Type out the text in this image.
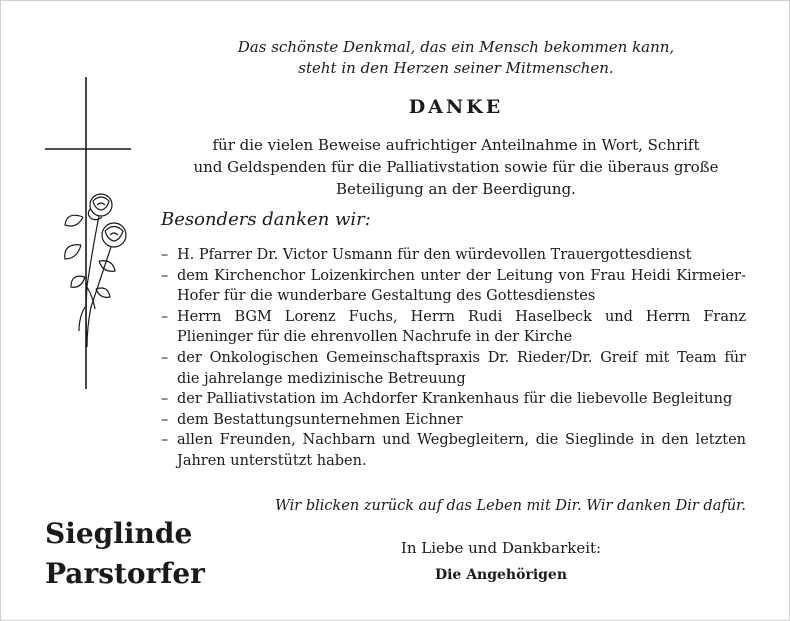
Das schönste Denkmal, das ein Mensch bekommen kann,
steht in den Herzen seiner Mitmenschen.
DANKE
für die vielen Beweise aufrichtiger Anteilnahme in Wort, Schrift
und Geldspenden für die Palliativstation sowie für die überaus große
Beteiligung an der Beerdigung.
Besonders danken wir:
– H. Pfarrer Dr. Victor Usmann für den würdevollen Trauergottesdienst
– dem Kirchenchor Loizenkirchen unter der Leitung von Frau Heidi Kirmeier-Hofer für die wunderbare Gestaltung des Gottesdienstes
– Herrn BGM Lorenz Fuchs, Herrn Rudi Haselbeck und Herrn Franz Plieninger für die ehrenvollen Nachrufe in der Kirche
– der Onkologischen Gemeinschaftspraxis Dr. Rieder/Dr. Greif mit Team für die jahrelange medizinische Betreuung
– der Palliativstation im Achdorfer Krankenhaus für die liebevolle Begleitung
– dem Bestattungsunternehmen Eichner
– allen Freunden, Nachbarn und Wegbegleitern, die Sieglinde in den letzten Jahren unterstützt haben.
Wir blicken zurück auf das Leben mit Dir. Wir danken Dir dafür.
Sieglinde
Parstorfer
In Liebe und Dankbarkeit:
Die Angehörigen
